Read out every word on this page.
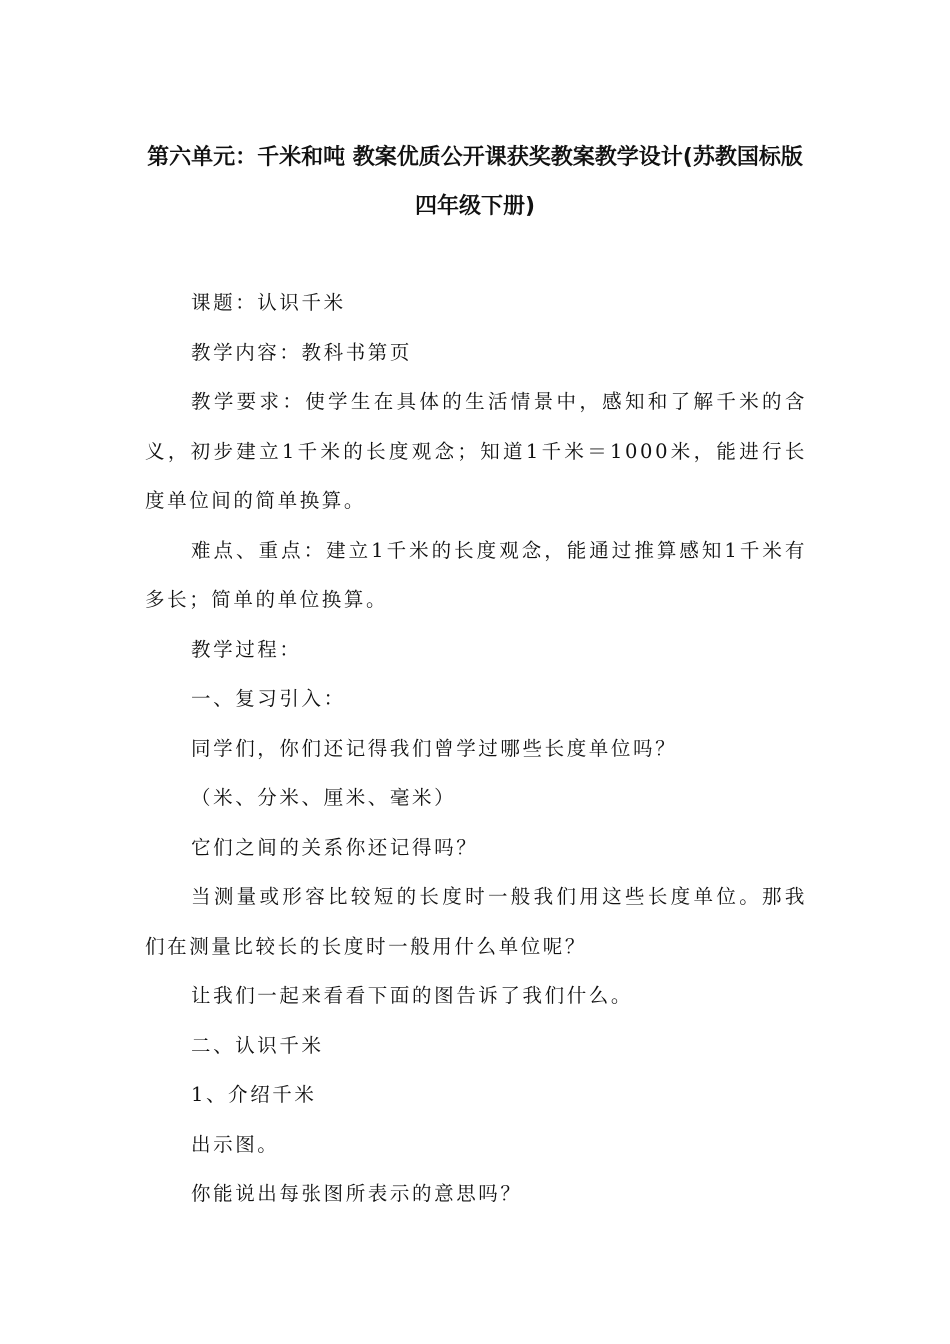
第六单元：千米和吨 教案优质公开课获奖教案教学设计(苏教国标版四年级下册)

课题：认识千米

教学内容：教科书第页

教学要求：使学生在具体的生活情景中，感知和了解千米的含义，初步建立1千米的长度观念；知道1千米＝1000米，能进行长度单位间的简单换算。

难点、重点：建立1千米的长度观念，能通过推算感知1千米有多长；简单的单位换算。

教学过程：

一、复习引入：

同学们，你们还记得我们曾学过哪些长度单位吗？

（米、分米、厘米、毫米）

它们之间的关系你还记得吗？

当测量或形容比较短的长度时一般我们用这些长度单位。那我们在测量比较长的长度时一般用什么单位呢？

让我们一起来看看下面的图告诉了我们什么。

二、认识千米

1、介绍千米

出示图。

你能说出每张图所表示的意思吗？
